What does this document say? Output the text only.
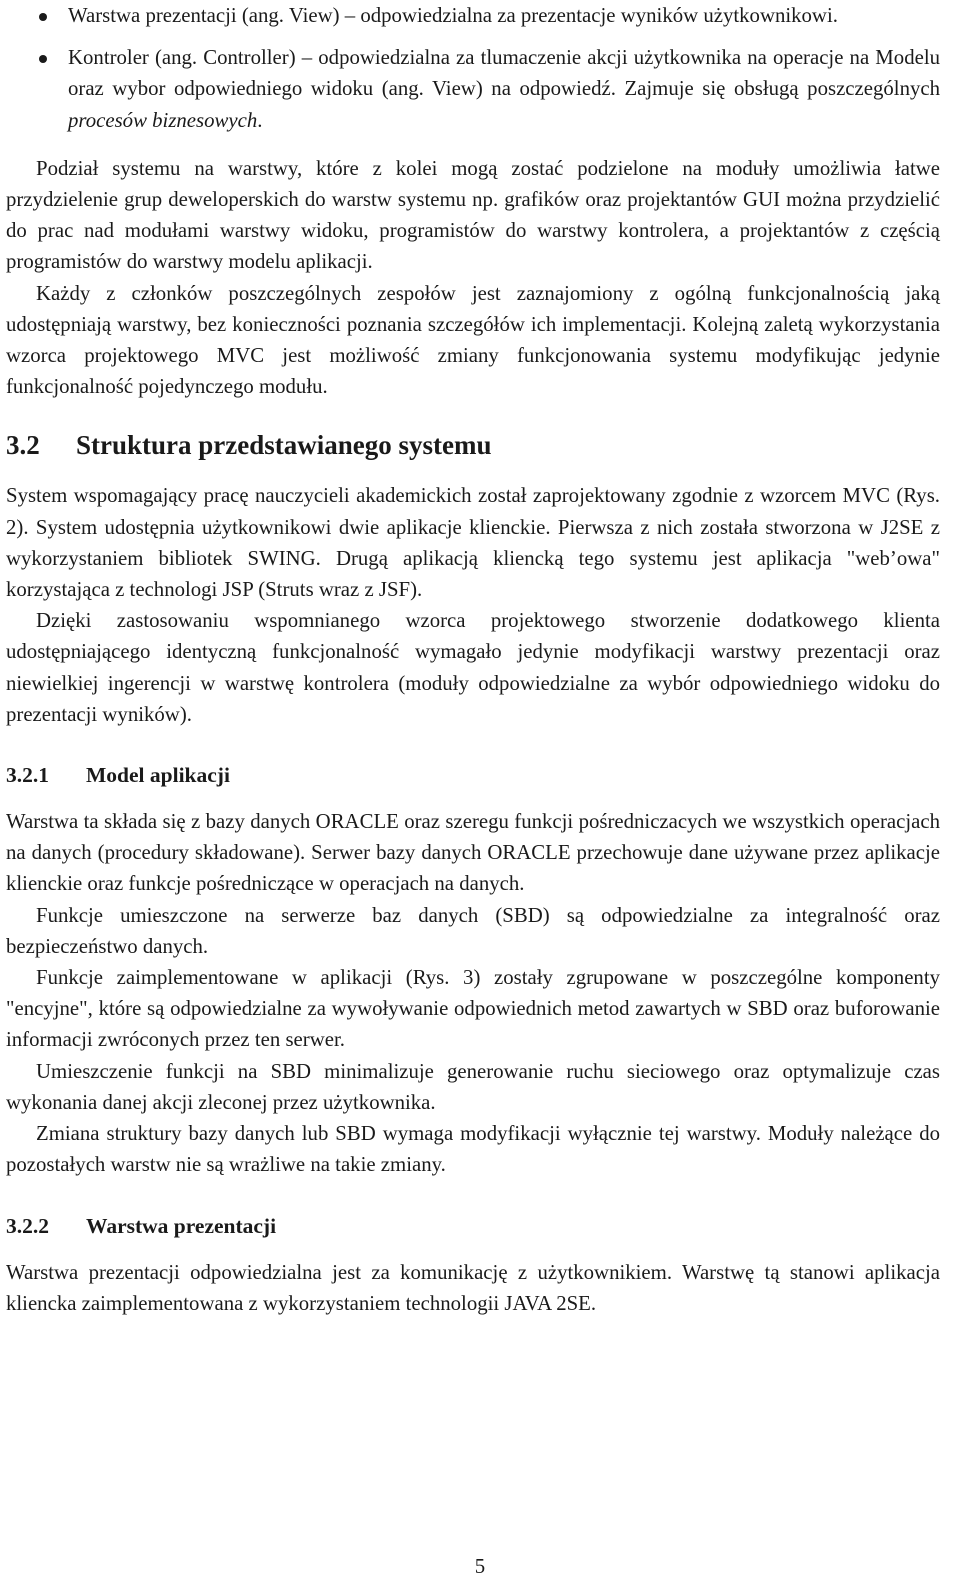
Warstwa prezentacji (ang. View) – odpowiedzialna za prezentacje wyników użytkownikowi.
Kontroler (ang. Controller) – odpowiedzialna za tlumaczenie akcji użytkownika na operacje na Modelu oraz wybor odpowiedniego widoku (ang. View) na odpowiedź. Zajmuje się obsługą poszczególnych procesów biznesowych.

Podział systemu na warstwy, które z kolei mogą zostać podzielone na moduły umożliwia łatwe przydzielenie grup deweloperskich do warstw systemu np. grafików oraz projektantów GUI można przydzielić do prac nad modułami warstwy widoku, programistów do warstwy kontrolera, a projektantów z częścią programistów do warstwy modelu aplikacji.

Każdy z członków poszczególnych zespołów jest zaznajomiony z ogólną funkcjonalnością jaką udostępniają warstwy, bez konieczności poznania szczegółów ich implementacji. Kolejną zaletą wykorzystania wzorca projektowego MVC jest możliwość zmiany funkcjonowania systemu modyfikując jedynie funkcjonalność pojedynczego modułu.

3.2 Struktura przedstawianego systemu

System wspomagający pracę nauczycieli akademickich został zaprojektowany zgodnie z wzorcem MVC (Rys. 2). System udostępnia użytkownikowi dwie aplikacje klienckie. Pierwsza z nich została stworzona w J2SE z wykorzystaniem bibliotek SWING. Drugą aplikacją kliencką tego systemu jest aplikacja "web’owa" korzystająca z technologi JSP (Struts wraz z JSF).

Dzięki zastosowaniu wspomnianego wzorca projektowego stworzenie dodatkowego klienta udostępniającego identyczną funkcjonalność wymagało jedynie modyfikacji warstwy prezentacji oraz niewielkiej ingerencji w warstwę kontrolera (moduły odpowiedzialne za wybór odpowiedniego widoku do prezentacji wyników).

3.2.1 Model aplikacji

Warstwa ta składa się z bazy danych ORACLE oraz szeregu funkcji pośredniczacych we wszystkich operacjach na danych (procedury składowane). Serwer bazy danych ORACLE przechowuje dane używane przez aplikacje klienckie oraz funkcje pośredniczące w operacjach na danych.

Funkcje umieszczone na serwerze baz danych (SBD) są odpowiedzialne za integralność oraz bezpieczeństwo danych.

Funkcje zaimplementowane w aplikacji (Rys. 3) zostały zgrupowane w poszczególne komponenty "encyjne", które są odpowiedzialne za wywoływanie odpowiednich metod zawartych w SBD oraz buforowanie informacji zwróconych przez ten serwer.

Umieszczenie funkcji na SBD minimalizuje generowanie ruchu sieciowego oraz optymalizuje czas wykonania danej akcji zleconej przez użytkownika.

Zmiana struktury bazy danych lub SBD wymaga modyfikacji wyłącznie tej warstwy. Moduły należące do pozostałych warstw nie są wrażliwe na takie zmiany.

3.2.2 Warstwa prezentacji

Warstwa prezentacji odpowiedzialna jest za komunikację z użytkownikiem. Warstwę tą stanowi aplikacja kliencka zaimplementowana z wykorzystaniem technologii JAVA 2SE.

5
